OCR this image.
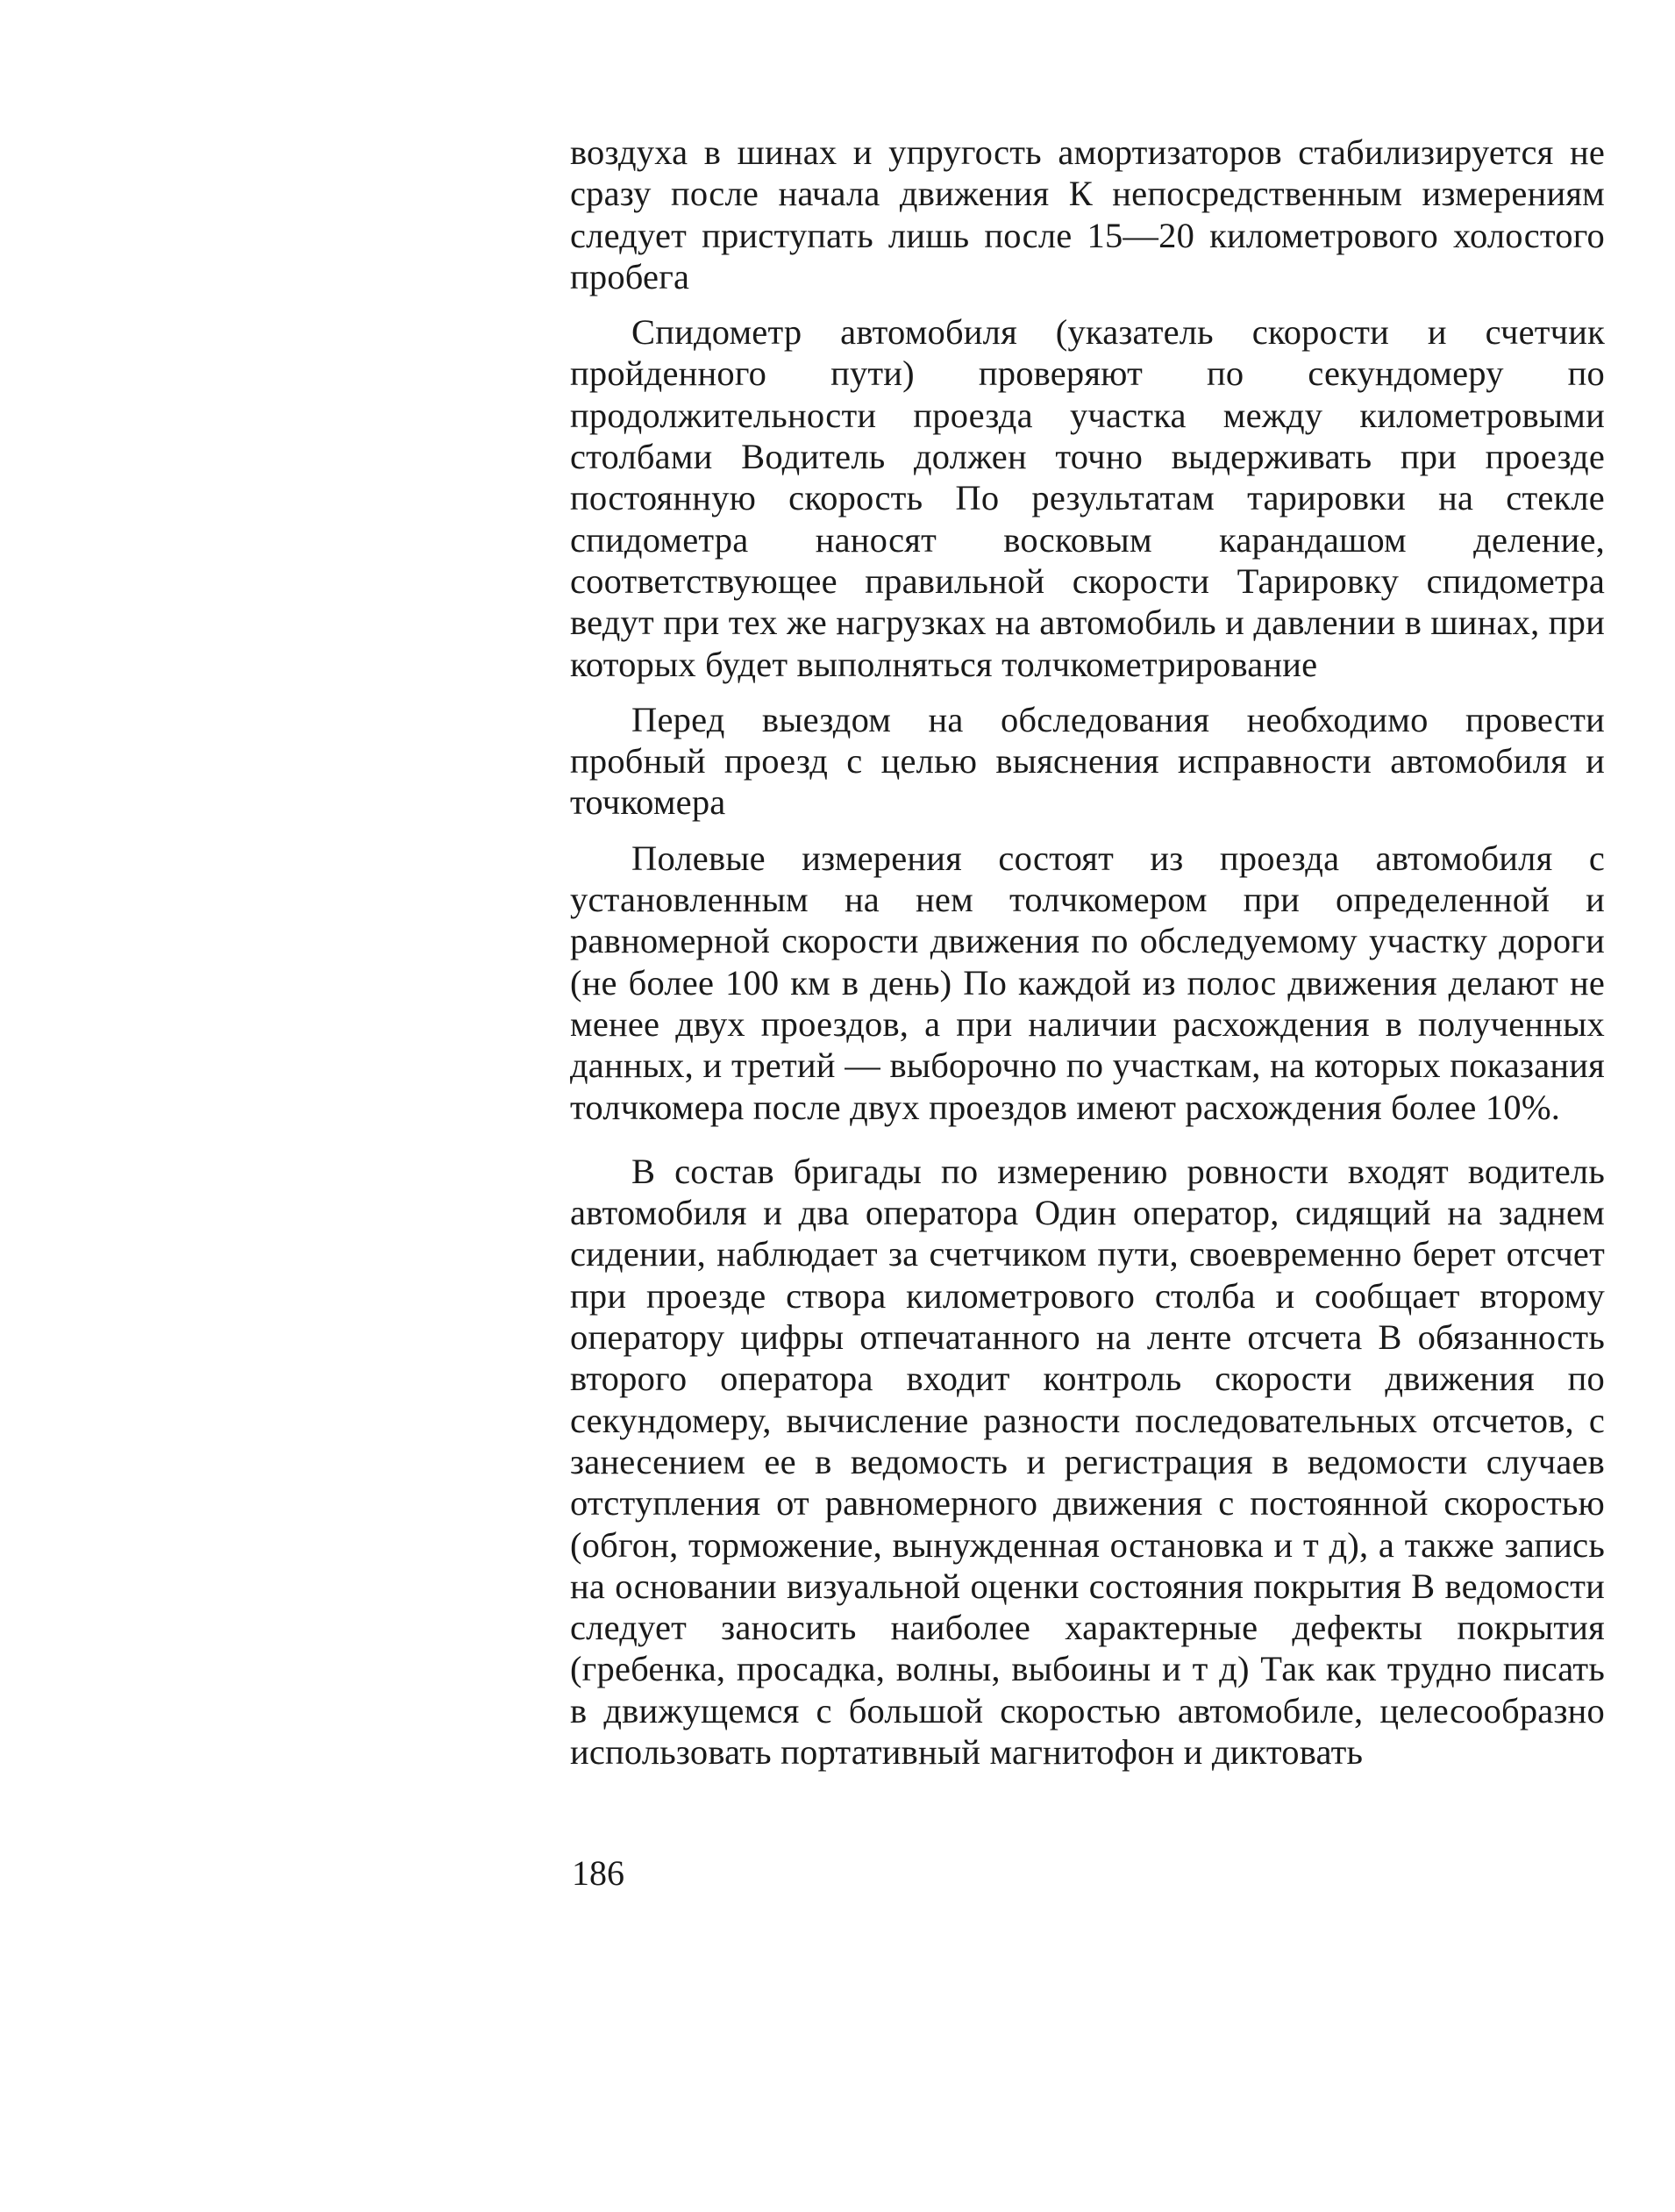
воздуха в шинах и упругость амортизаторов стабилизируется не сразу после начала движения К непосредственным измерениям следует приступать лишь после 15—20 километрового холостого пробега

Спидометр автомобиля (указатель скорости и счетчик пройденного пути) проверяют по секундомеру по продолжительности проезда участка между километровыми столбами Водитель должен точно выдерживать при проезде постоянную скорость По результатам тарировки на стекле спидометра наносят восковым карандашом деление, соответствующее правильной скорости Тарировку спидометра ведут при тех же нагрузках на автомобиль и давлении в шинах, при которых будет выполняться толчкометрирование

Перед выездом на обследования необходимо провести пробный проезд с целью выяснения исправности автомобиля и точкомера

Полевые измерения состоят из проезда автомобиля с установленным на нем толчкомером при определенной и равномерной скорости движения по обследуемому участку дороги (не более 100 км в день) По каждой из полос движения делают не менее двух проездов, а при наличии расхождения в полученных данных, и третий — выборочно по участкам, на которых показания толчкомера после двух проездов имеют расхождения более 10%.

В состав бригады по измерению ровности входят водитель автомобиля и два оператора Один оператор, сидящий на заднем сидении, наблюдает за счетчиком пути, своевременно берет отсчет при проезде створа километрового столба и сообщает второму оператору цифры отпечатанного на ленте отсчета В обязанность второго оператора входит контроль скорости движения по секундомеру, вычисление разности последовательных отсчетов, с занесением ее в ведомость и регистрация в ведомости случаев отступления от равномерного движения с постоянной скоростью (обгон, торможение, вынужденная остановка и т д), а также запись на основании визуальной оценки состояния покрытия В ведомости следует заносить наиболее характерные дефекты покрытия (гребенка, просадка, волны, выбоины и т д) Так как трудно писать в движущемся с большой скоростью автомобиле, целесообразно использовать портативный магнитофон и диктовать

186
